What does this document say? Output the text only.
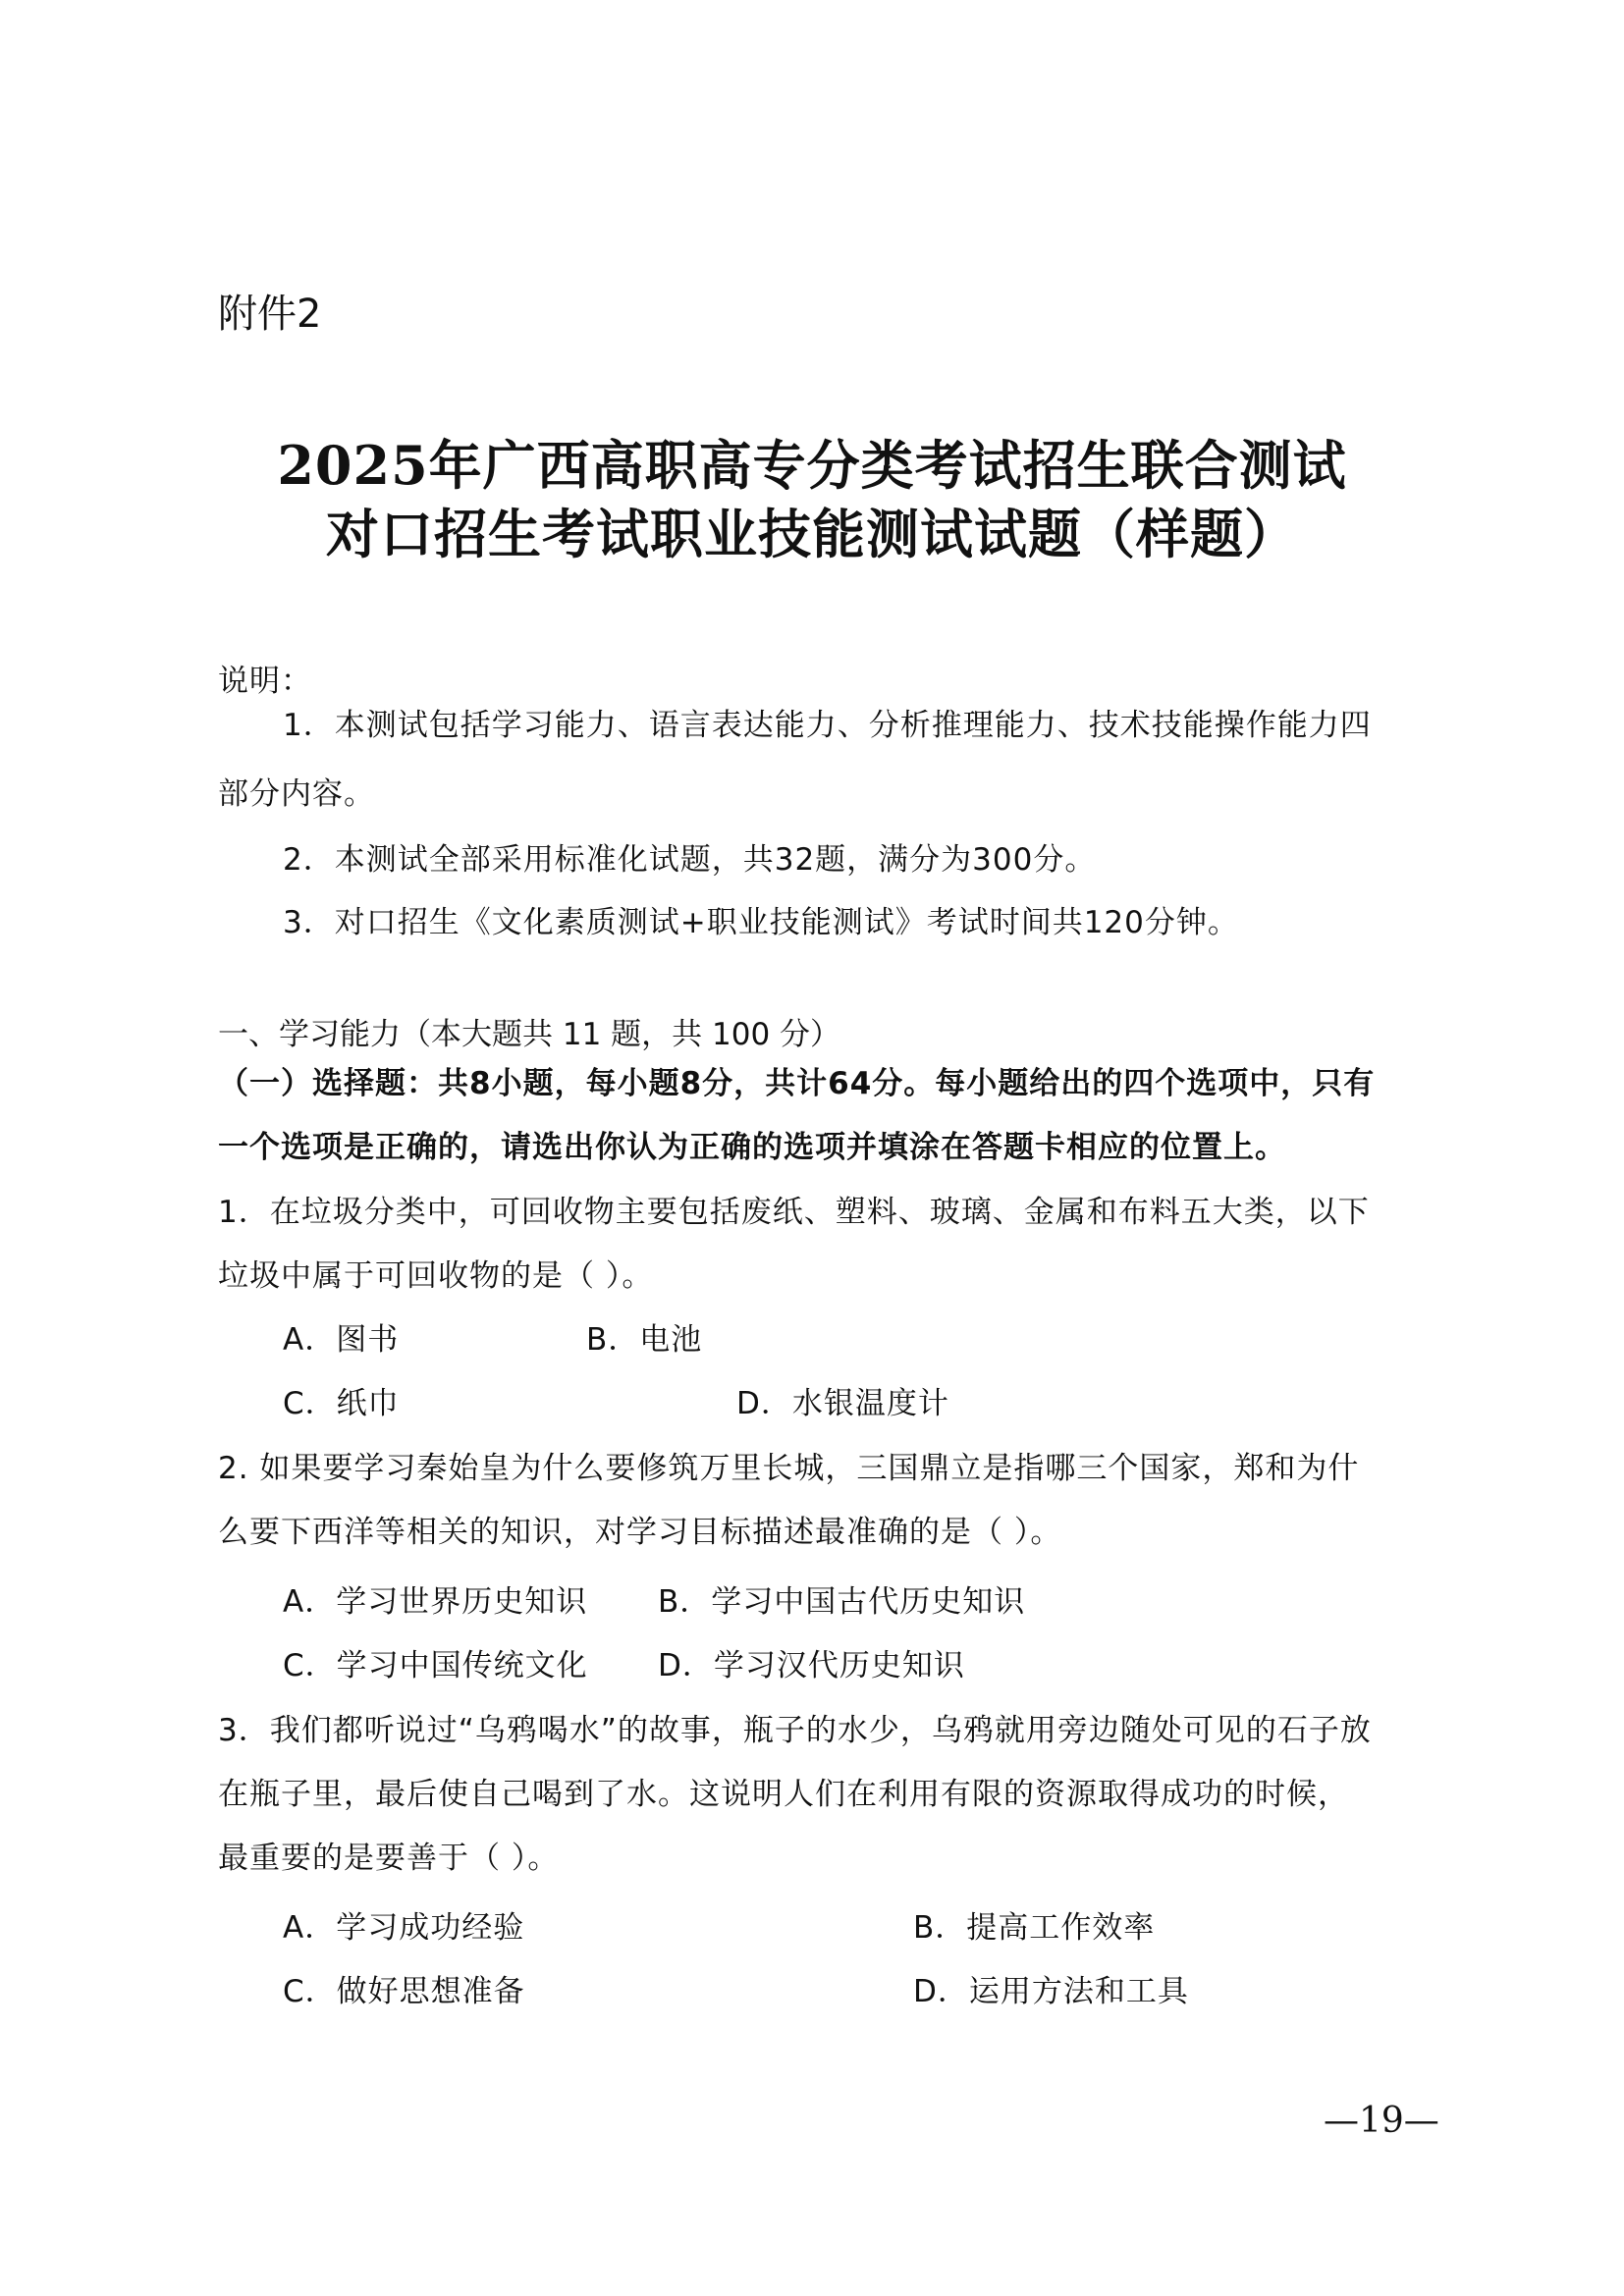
附件2
2025年广西高职高专分类考试招生联合测试
对口招生考试职业技能测试试题（样题）
说明：
1．本测试包括学习能力、语言表达能力、分析推理能力、技术技能操作能力四
部分内容。
2．本测试全部采用标准化试题，共32题，满分为300分。
3．对口招生《文化素质测试+职业技能测试》考试时间共120分钟。
一、学习能力（本大题共 11 题，共 100 分）
（一）选择题：共8小题，每小题8分，共计64分。每小题给出的四个选项中，只有
一个选项是正确的，请选出你认为正确的选项并填涂在答题卡相应的位置上。
1．在垃圾分类中，可回收物主要包括废纸、塑料、玻璃、金属和布料五大类，以下
垃圾中属于可回收物的是（ ）。
A．图书	B．电池
C．纸巾	D．水银温度计
2. 如果要学习秦始皇为什么要修筑万里长城，三国鼎立是指哪三个国家，郑和为什
么要下西洋等相关的知识，对学习目标描述最准确的是（ ）。
A．学习世界历史知识 B．学习中国古代历史知识
C．学习中国传统文化 D．学习汉代历史知识
3．我们都听说过“乌鸦喝水”的故事，瓶子的水少，乌鸦就用旁边随处可见的石子放
在瓶子里，最后使自己喝到了水。这说明人们在利用有限的资源取得成功的时候，
最重要的是要善于（ ）。
A．学习成功经验	B．提高工作效率
C．做好思想准备	D．运用方法和工具
—19—
